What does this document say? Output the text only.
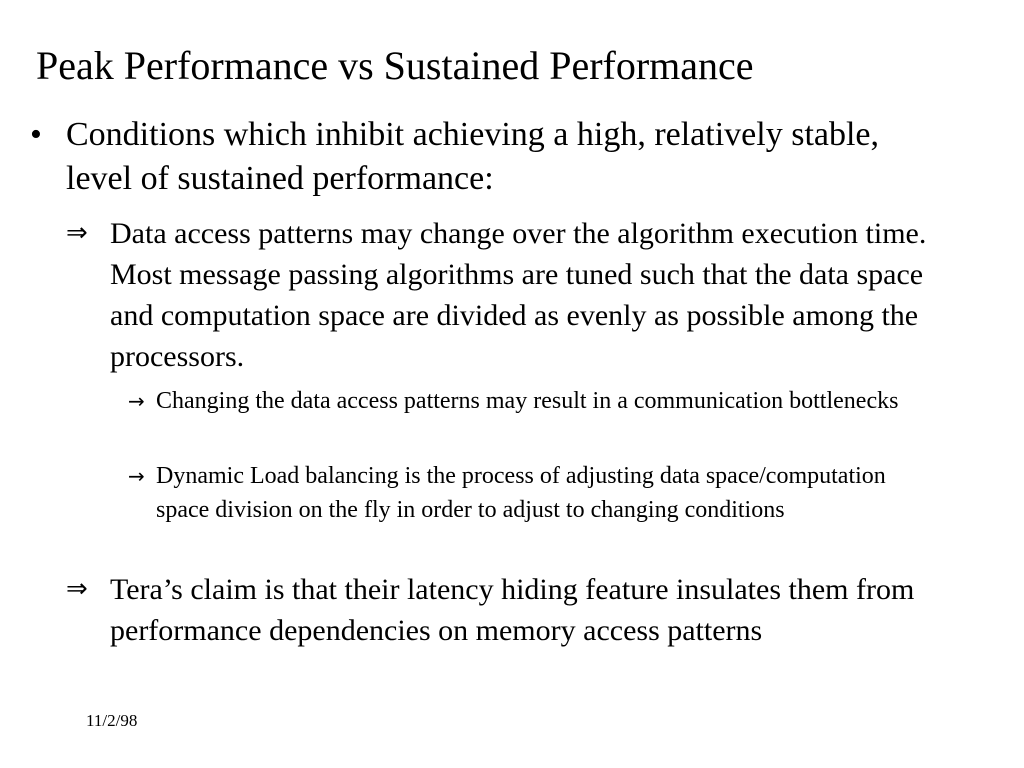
Peak Performance vs Sustained Performance
• Conditions which inhibit achieving a high, relatively stable, level of sustained performance:
⇒ Data access patterns may change over the algorithm execution time. Most message passing algorithms are tuned such that the data space and computation space are divided as evenly as possible among the processors.
→ Changing the data access patterns may result in a communication bottlenecks
→ Dynamic Load balancing is the process of adjusting data space/computation space division on the fly in order to adjust to changing conditions
⇒ Tera’s claim is that their latency hiding feature insulates them from performance dependencies on memory access patterns
11/2/98
